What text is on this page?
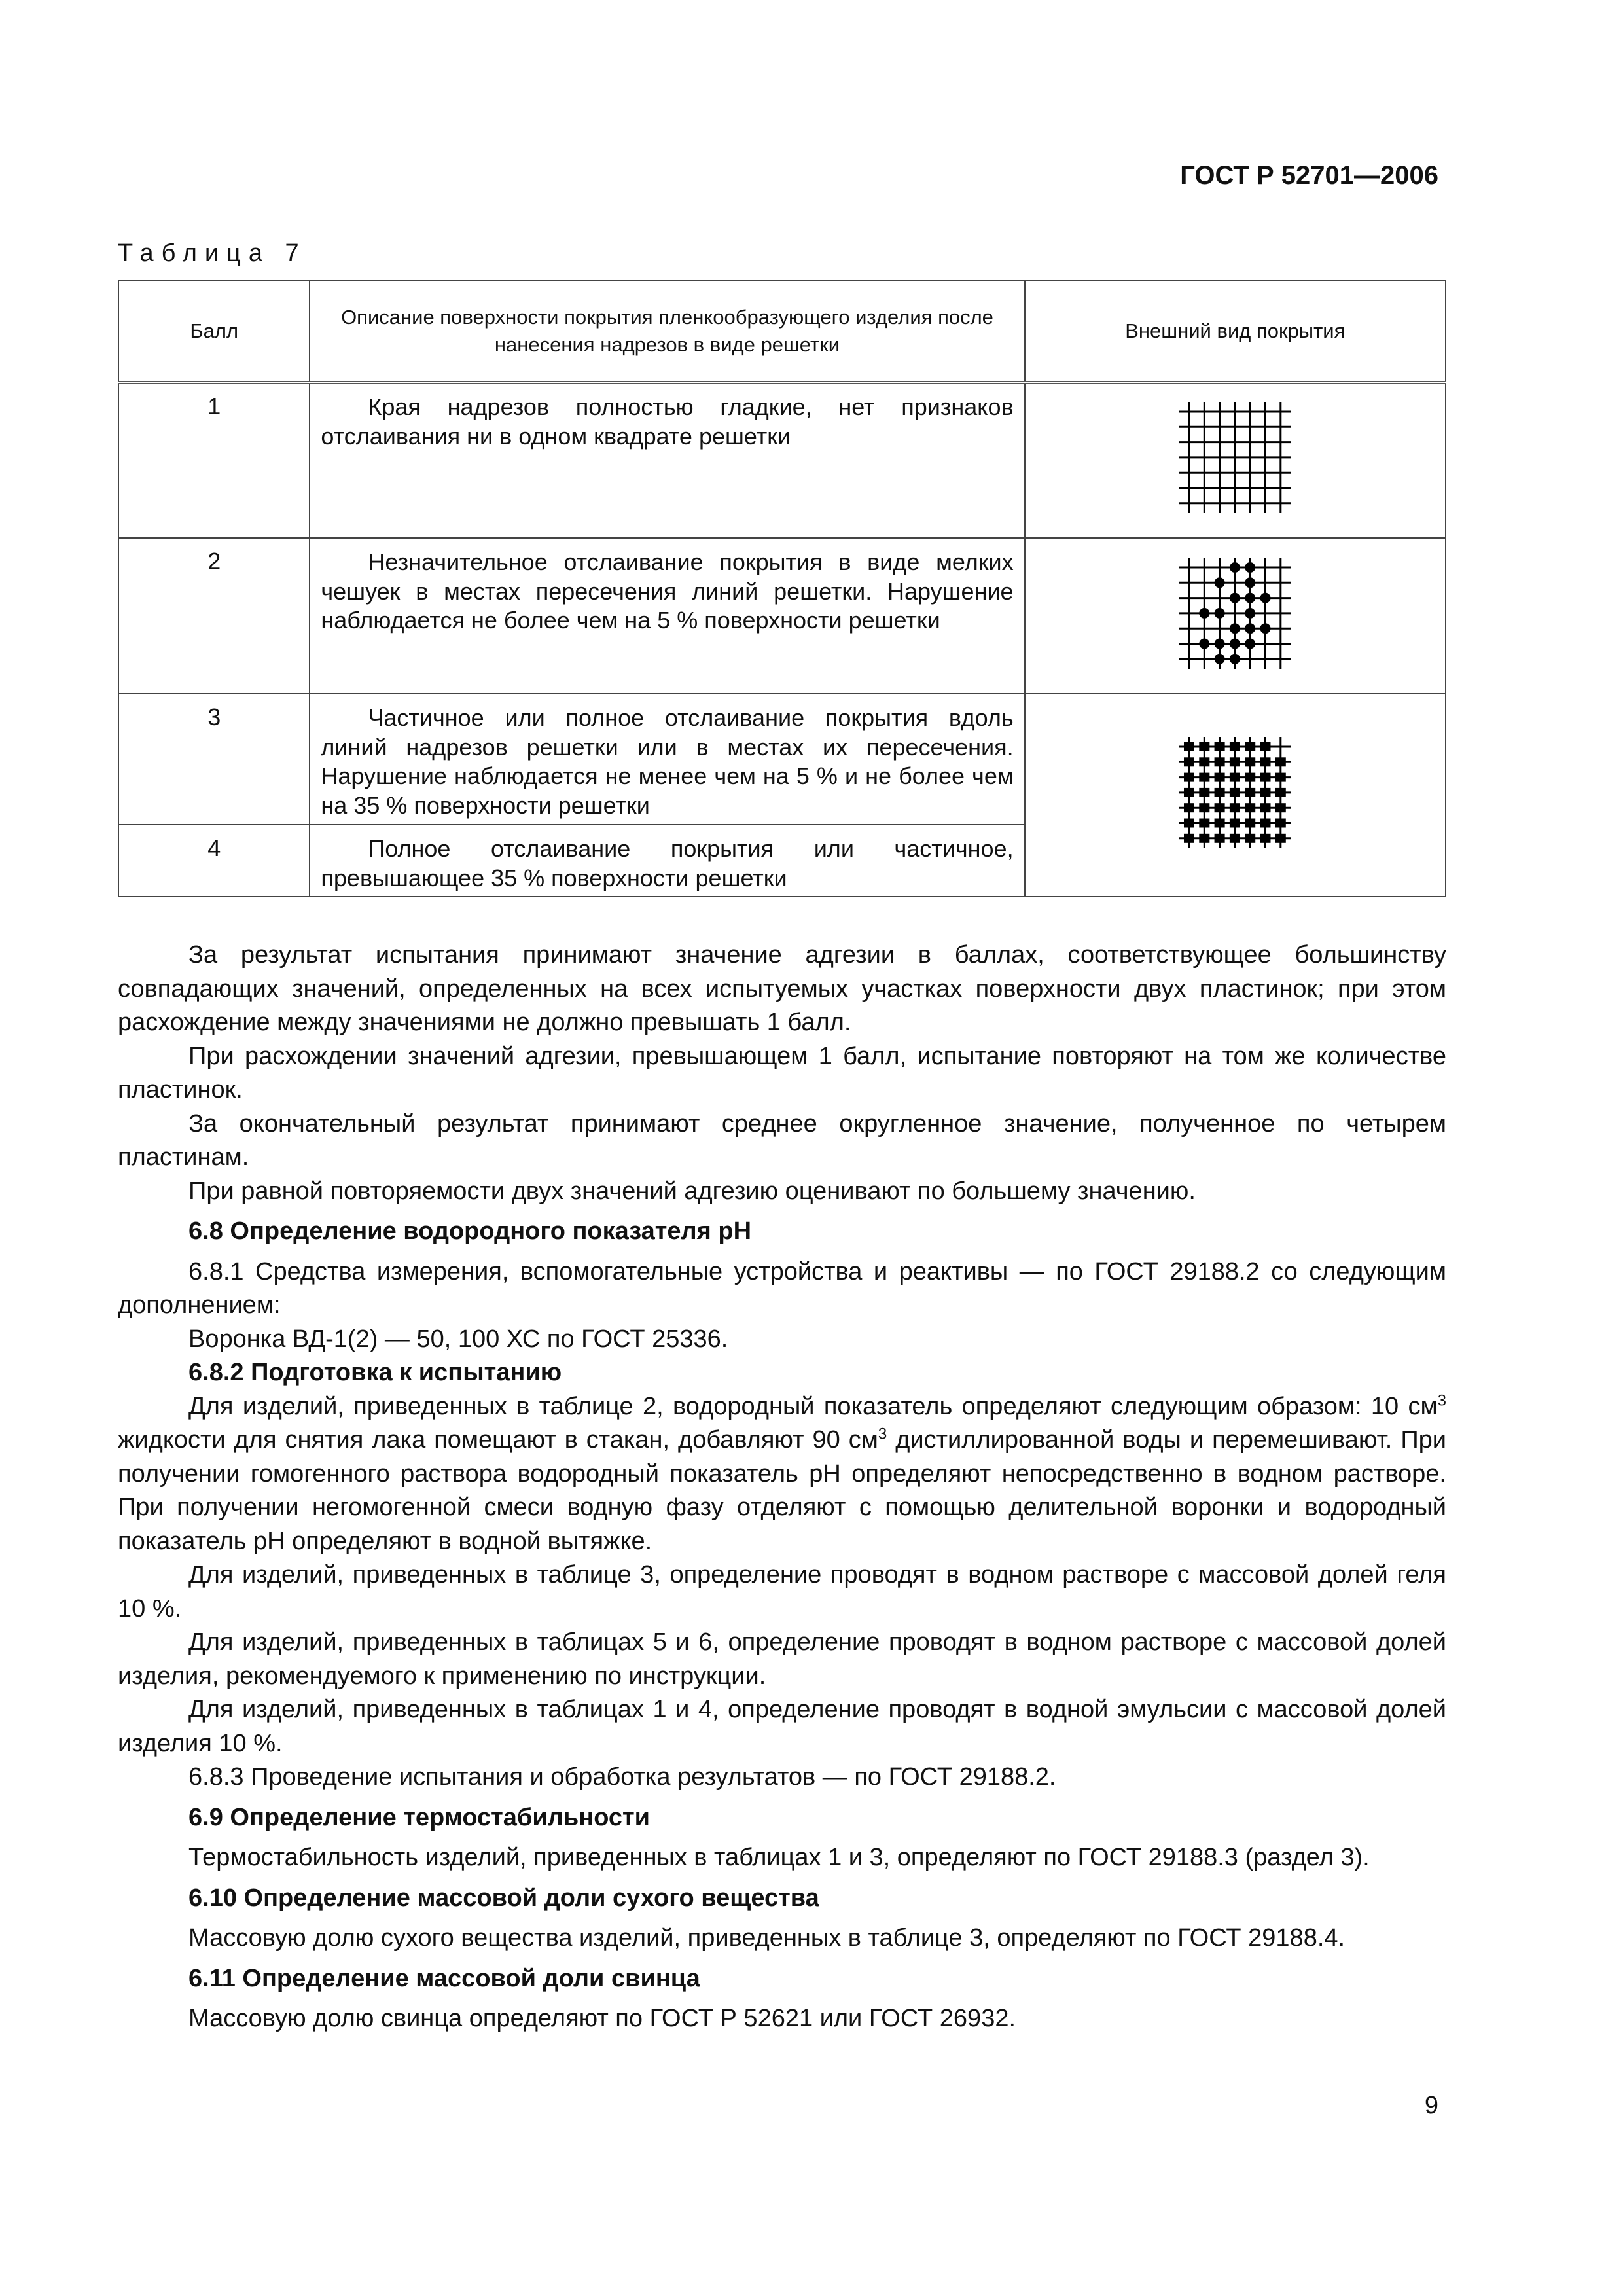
ГОСТ Р 52701—2006
Таблица 7
Балл	Описание поверхности покрытия пленкообразующего изделия после нанесения надрезов в виде решетки	Внешний вид покрытия
1	Края надрезов полностью гладкие, нет признаков отслаивания ни в одном квадрате решетки	
2	Незначительное отслаивание покрытия в виде мелких чешуек в местах пересечения линий решетки. Нарушение наблюдается не более чем на 5 % поверхности решетки	
3	Частичное или полное отслаивание покрытия вдоль линий надрезов решетки или в местах их пересечения. Нарушение наблюдается не менее чем на 5 % и не более чем на 35 % поверхности решетки	
4	Полное отслаивание покрытия или частичное, превышающее 35 % поверхности решетки	

За результат испытания принимают значение адгезии в баллах, соответствующее большинству совпадающих значений, определенных на всех испытуемых участках поверхности двух пластинок; при этом расхождение между значениями не должно превышать 1 балл.

При расхождении значений адгезии, превышающем 1 балл, испытание повторяют на том же количестве пластинок.

За окончательный результат принимают среднее округленное значение, полученное по четырем пластинам.

При равной повторяемости двух значений адгезию оценивают по большему значению.

6.8 Определение водородного показателя pH

6.8.1 Средства измерения, вспомогательные устройства и реактивы — по ГОСТ 29188.2 со следующим дополнением:

Воронка ВД-1(2) — 50, 100 ХС по ГОСТ 25336.

6.8.2 Подготовка к испытанию

Для изделий, приведенных в таблице 2, водородный показатель определяют следующим образом: 10 $см^3$ жидкости для снятия лака помещают в стакан, добавляют 90 $см^3$ дистиллированной воды и перемешивают. При получении гомогенного раствора водородный показатель pH определяют непосредственно в водном растворе. При получении негомогенной смеси водную фазу отделяют с помощью делительной воронки и водородный показатель pH определяют в водной вытяжке.

Для изделий, приведенных в таблице 3, определение проводят в водном растворе с массовой долей геля 10 %.

Для изделий, приведенных в таблицах 5 и 6, определение проводят в водном растворе с массовой долей изделия, рекомендуемого к применению по инструкции.

Для изделий, приведенных в таблицах 1 и 4, определение проводят в водной эмульсии с массовой долей изделия 10 %.

6.8.3 Проведение испытания и обработка результатов — по ГОСТ 29188.2.

6.9 Определение термостабильности

Термостабильность изделий, приведенных в таблицах 1 и 3, определяют по ГОСТ 29188.3 (раздел 3).

6.10 Определение массовой доли сухого вещества

Массовую долю сухого вещества изделий, приведенных в таблице 3, определяют по ГОСТ 29188.4.

6.11 Определение массовой доли свинца

Массовую долю свинца определяют по ГОСТ Р 52621 или ГОСТ 26932.

9
